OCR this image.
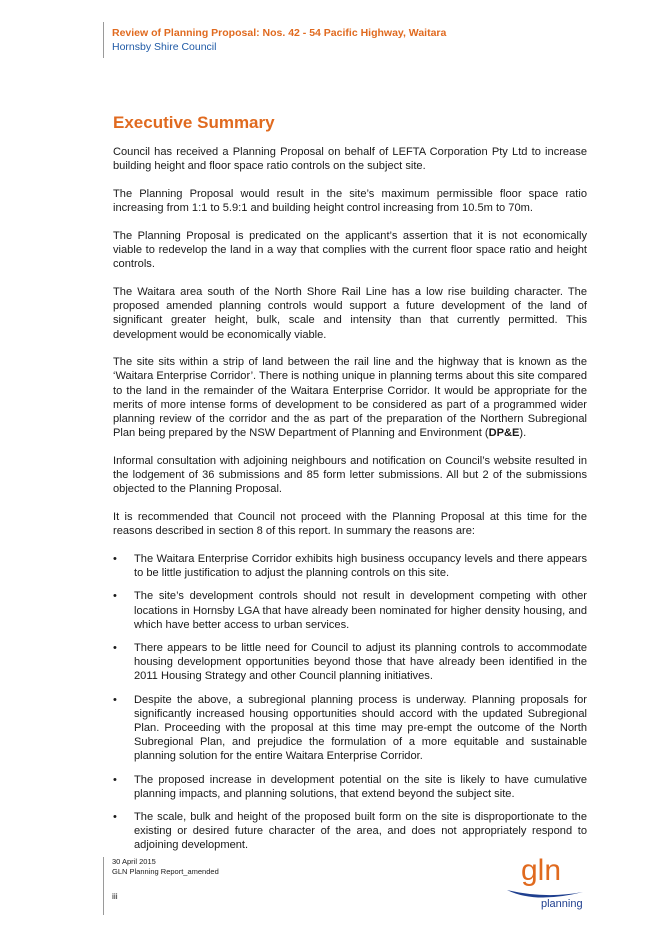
Review of Planning Proposal: Nos. 42 - 54 Pacific Highway, Waitara
Hornsby Shire Council
Executive Summary

Council has received a Planning Proposal on behalf of LEFTA Corporation Pty Ltd to increase building height and floor space ratio controls on the subject site.

The Planning Proposal would result in the site’s maximum permissible floor space ratio increasing from 1:1 to 5.9:1 and building height control increasing from 10.5m to 70m.

The Planning Proposal is predicated on the applicant’s assertion that it is not economically viable to redevelop the land in a way that complies with the current floor space ratio and height controls.

The Waitara area south of the North Shore Rail Line has a low rise building character. The proposed amended planning controls would support a future development of the land of significant greater height, bulk, scale and intensity than that currently permitted. This development would be economically viable.

The site sits within a strip of land between the rail line and the highway that is known as the ‘Waitara Enterprise Corridor’. There is nothing unique in planning terms about this site compared to the land in the remainder of the Waitara Enterprise Corridor. It would be appropriate for the merits of more intense forms of development to be considered as part of a programmed wider planning review of the corridor and the as part of the preparation of the Northern Subregional Plan being prepared by the NSW Department of Planning and Environment (DP&E).

Informal consultation with adjoining neighbours and notification on Council’s website resulted in the lodgement of 36 submissions and 85 form letter submissions. All but 2 of the submissions objected to the Planning Proposal.

It is recommended that Council not proceed with the Planning Proposal at this time for the reasons described in section 8 of this report. In summary the reasons are:

•	The Waitara Enterprise Corridor exhibits high business occupancy levels and there appears to be little justification to adjust the planning controls on this site.
•	The site’s development controls should not result in development competing with other locations in Hornsby LGA that have already been nominated for higher density housing, and which have better access to urban services.
•	There appears to be little need for Council to adjust its planning controls to accommodate housing development opportunities beyond those that have already been identified in the 2011 Housing Strategy and other Council planning initiatives.
•	Despite the above, a subregional planning process is underway. Planning proposals for significantly increased housing opportunities should accord with the updated Subregional Plan. Proceeding with the proposal at this time may pre-empt the outcome of the North Subregional Plan, and prejudice the formulation of a more equitable and sustainable planning solution for the entire Waitara Enterprise Corridor.
•	The proposed increase in development potential on the site is likely to have cumulative planning impacts, and planning solutions, that extend beyond the subject site.
•	The scale, bulk and height of the proposed built form on the site is disproportionate to the existing or desired future character of the area, and does not appropriately respond to adjoining development.
30 April 2015
GLN Planning Report_amended
iii
gln
planning
